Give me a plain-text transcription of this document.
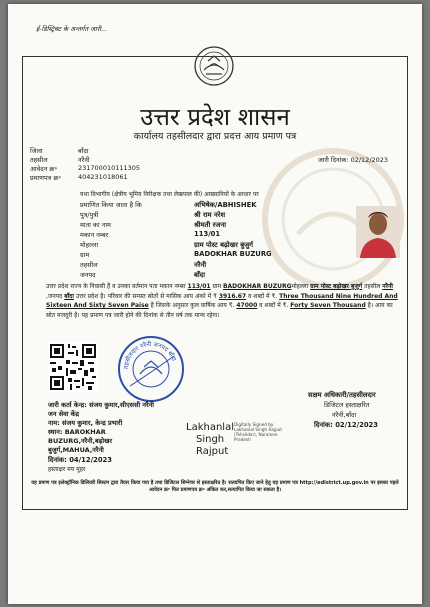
ई-डिस्ट्रिक्ट के अन्तर्गत जारी...
उत्तर प्रदेश शासन
कार्यालय तहसीलदार द्वारा प्रदत्त आय प्रमाण पत्र
जिला	बाँदा
तहसील	नरैनी
आवेदन क्र॰	231700010111305
प्रमाणपत्र क्र॰	404231018061
जारी दिनांक: 02/12/2023
यथा विभागीय (क्षेत्रीय भूमिय निरीक्षक तथा लेखपाल की) आख्यानियों के आधार पर
प्रमाणित किया जाता है कि	अभिषेक/ABHISHEK
पुत्र/पुत्री	श्री राम नरेश
माता का नाम	श्रीमती रजना
मकान नम्बर	113/01
मोहल्ला	ग्राम पोस्ट बढ़ोखर बुजुर्ग
ग्राम	BADOKHAR BUZURG
तहसील	नरैनी
जनपद	बाँदा
उत्तर प्रदेश राज्य के निवासी हैं व उनका वर्तमान पता मकान नम्बर 113/01 ग्राम BADOKHAR BUZURGमोहल्ला ग्राम पोस्ट बढ़ोखर बुजुर्ग तहसील नरैनी ,जनपद बाँदा उत्तर प्रदेश है। परिवार की समस्त स्रोतों से मासिक आय अंको में ₹ 3916.67 व शब्दों में ₹. Three Thousand Nine Hundred And Sixteen And Sixty Seven Paise है जिसके अनुसार कुल वार्षिक आय ₹. 47000 व शब्दों में ₹. Forty Seven Thousand है। आय का स्रोत मजदूरी है। यह प्रमाण पत्र जारी होने की दिनांक से तीन वर्ष तक मान्य रहेगा।
तहसीलदार नरैनी जनपद बाँदा
सक्षम अधिकारी/तहसीलदार
डिजिटल हस्ताक्षरित
नरैनी,बाँदा
दिनांक: 02/12/2023
जारी कर्ता केन्द्र: संजय कुमार,सीएससी नरैनी
जन सेवा केंद्र
नाम: संजय कुमार, केन्द्र प्रभारी
स्थान: BAROKHAR
BUZURG,नरैनी,बढ़ोखर
बुजुर्ग,MAHUA,नरैनी
दिनांक: 04/12/2023
हस्ताक्षर मय मुहर
Lakhanlal
Singh
Rajput
Digitally Signed by
Lakhanlal Singh Rajput
(Tehsildar), Narainee
Pradesh
यह प्रमाण पत्र इलेक्ट्रॉनिक डिलिवरी सिस्टम द्वारा तैयार किया गया है तथा डिजिटल सिग्नेचर से हस्ताक्षरित है। सत्यापित किए जाने हेतु यह प्रमाण पत्र http://edistrict.up.gov.in पर इसका पहले आवेदन क्र॰ फिर प्रमाणपत्र क्र॰ अंकित कर,सत्यापित किया जा सकता है।
